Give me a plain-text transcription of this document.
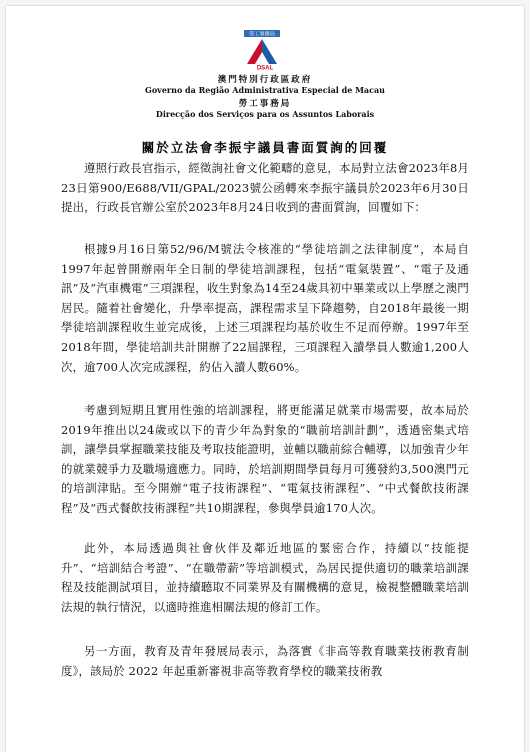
勞工事務局
DSAL
澳門特別行政區政府
Governo da Região Administrativa Especial de Macau
勞工事務局
Direcção dos Serviços para os Assuntos Laborais
關於立法會李振宇議員書面質詢的回覆

遵照行政長官指示，經徵詢社會文化範疇的意見，本局對立法會2023年8月23日第900/E688/VII/GPAL/2023號公函轉來李振宇議員於2023年6月30日提出，行政長官辦公室於2023年8月24日收到的書面質詢，回覆如下：

根據9月16日第52/96/M號法令核准的“學徒培訓之法律制度”，本局自1997年起曾開辦兩年全日制的學徒培訓課程，包括“電氣裝置”、“電子及通訊”及“汽車機電”三項課程，收生對象為14至24歲具初中畢業或以上學歷之澳門居民。隨着社會變化，升學率提高，課程需求呈下降趨勢，自2018年最後一期學徒培訓課程收生並完成後，上述三項課程均基於收生不足而停辦。1997年至2018年間，學徒培訓共計開辦了22屆課程，三項課程入讀學員人數逾1,200人次，逾700人次完成課程，約佔入讀人數60%。

考慮到短期且實用性強的培訓課程，將更能滿足就業市場需要，故本局於2019年推出以24歲或以下的青少年為對象的“職前培訓計劃”，透過密集式培訓，讓學員掌握職業技能及考取技能證明，並輔以職前綜合輔導，以加強青少年的就業競爭力及職場適應力。同時，於培訓期間學員每月可獲發約3,500澳門元的培訓津貼。至今開辦“電子技術課程”、“電氣技術課程”、“中式餐飲技術課程”及“西式餐飲技術課程”共10期課程，參與學員逾170人次。

此外，本局透過與社會伙伴及鄰近地區的緊密合作，持續以“技能提升”、“培訓結合考證”、“在職帶薪”等培訓模式，為居民提供適切的職業培訓課程及技能測試項目，並持續聽取不同業界及有關機構的意見，檢視整體職業培訓法規的執行情況，以適時推進相關法規的修訂工作。

另一方面，教育及青年發展局表示，為落實《非高等教育職業技術教育制度》，該局於 2022 年起重新審視非高等教育學校的職業技術教
